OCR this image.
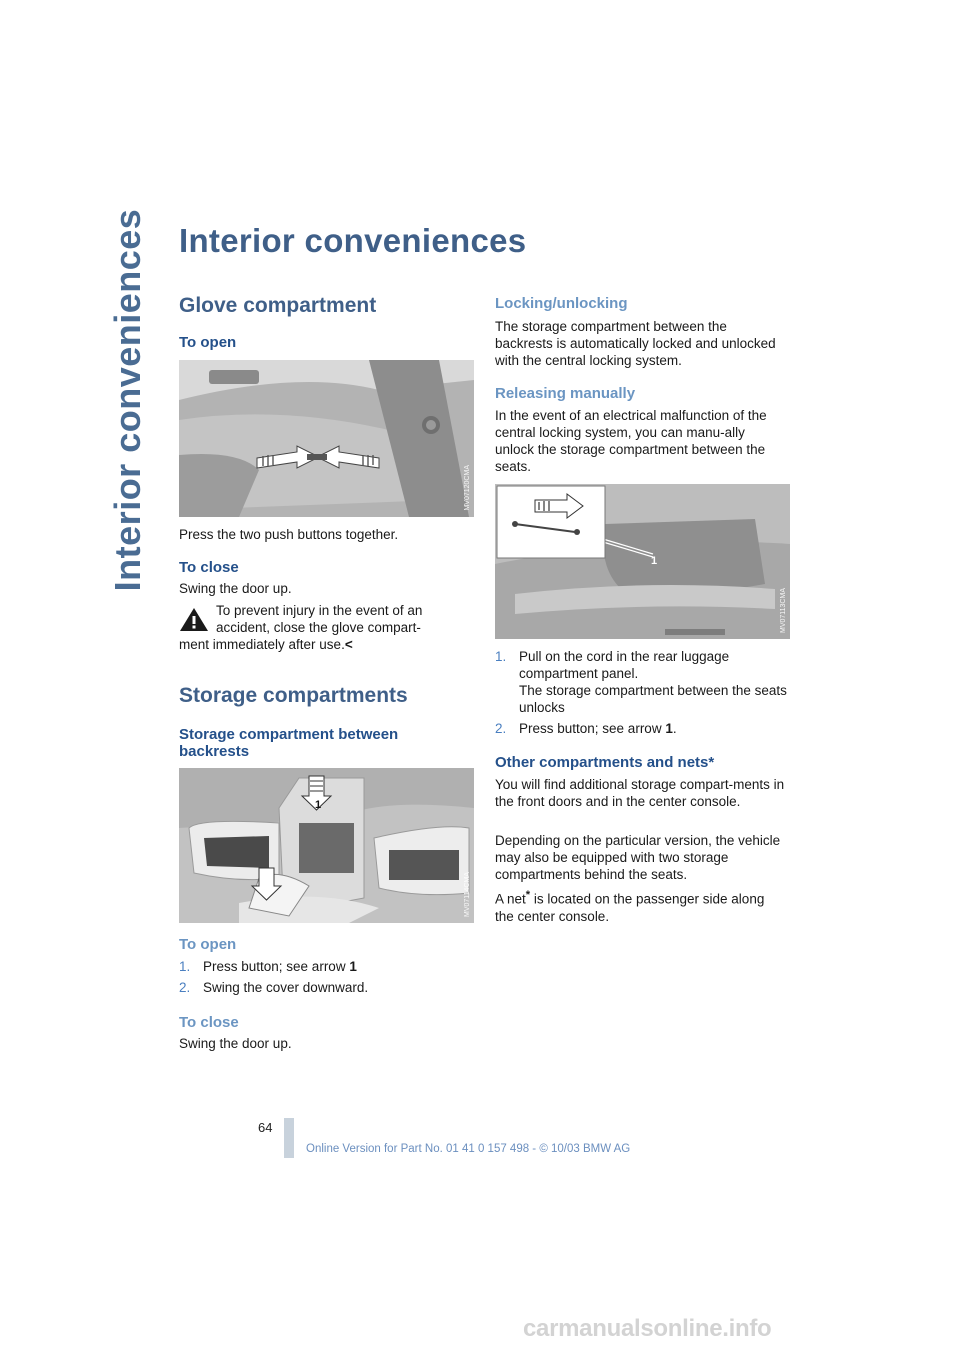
Interior conveniences Interior conveniences
Glove compartment
To open
MV07120CMA

Press the two push buttons together.

To close

Swing the door up.

To prevent injury in the event of an
accident, close the glove compart-
ment immediately after use.<
Storage compartments
Storage compartment between backrests
1
MV07114CMA
To open
1. Press button; see arrow 1
2. Swing the cover downward.
To close

Swing the door up.

Locking/unlocking

The storage compartment between the backrests is automatically locked and unlocked with the central locking system.

Releasing manually

In the event of an electrical malfunction of the central locking system, you can manu-ally unlock the storage compartment between the seats.

1
MV07113CMA
1. Pull on the cord in the rear luggage compartment panel.
The storage compartment between the seats unlocks
2. Press button; see arrow 1.
Other compartments and nets*

You will find additional storage compart-ments in the front doors and in the center console.

Depending on the particular version, the vehicle may also be equipped with two storage compartments behind the seats.

A net* is located on the passenger side along the center console.

64
Online Version for Part No. 01 41 0 157 498 - © 10/03 BMW AG
carmanualsonline.info
